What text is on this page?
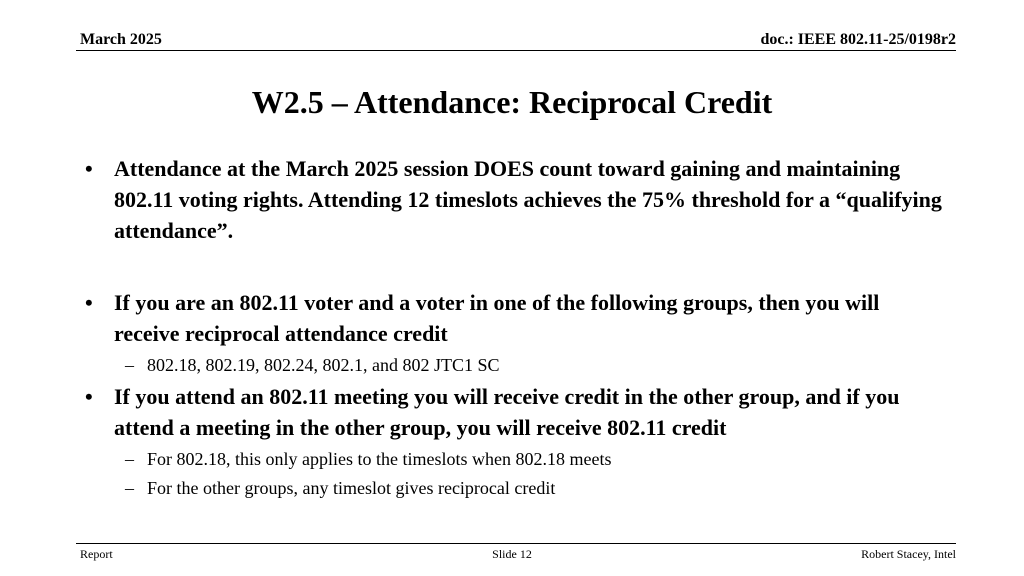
March 2025	doc.: IEEE 802.11-25/0198r2
W2.5 – Attendance: Reciprocal Credit
• Attendance at the March 2025 session DOES count toward gaining and maintaining 802.11 voting rights. Attending 12 timeslots achieves the 75% threshold for a “qualifying attendance”.
• If you are an 802.11 voter and a voter in one of the following groups, then you will receive reciprocal attendance credit
– 802.18, 802.19, 802.24, 802.1, and 802 JTC1 SC
• If you attend an 802.11 meeting you will receive credit in the other group, and if you attend a meeting in the other group, you will receive 802.11 credit
– For 802.18, this only applies to the timeslots when 802.18 meets
– For the other groups, any timeslot gives reciprocal credit
Report	Slide 12	Robert Stacey, Intel
